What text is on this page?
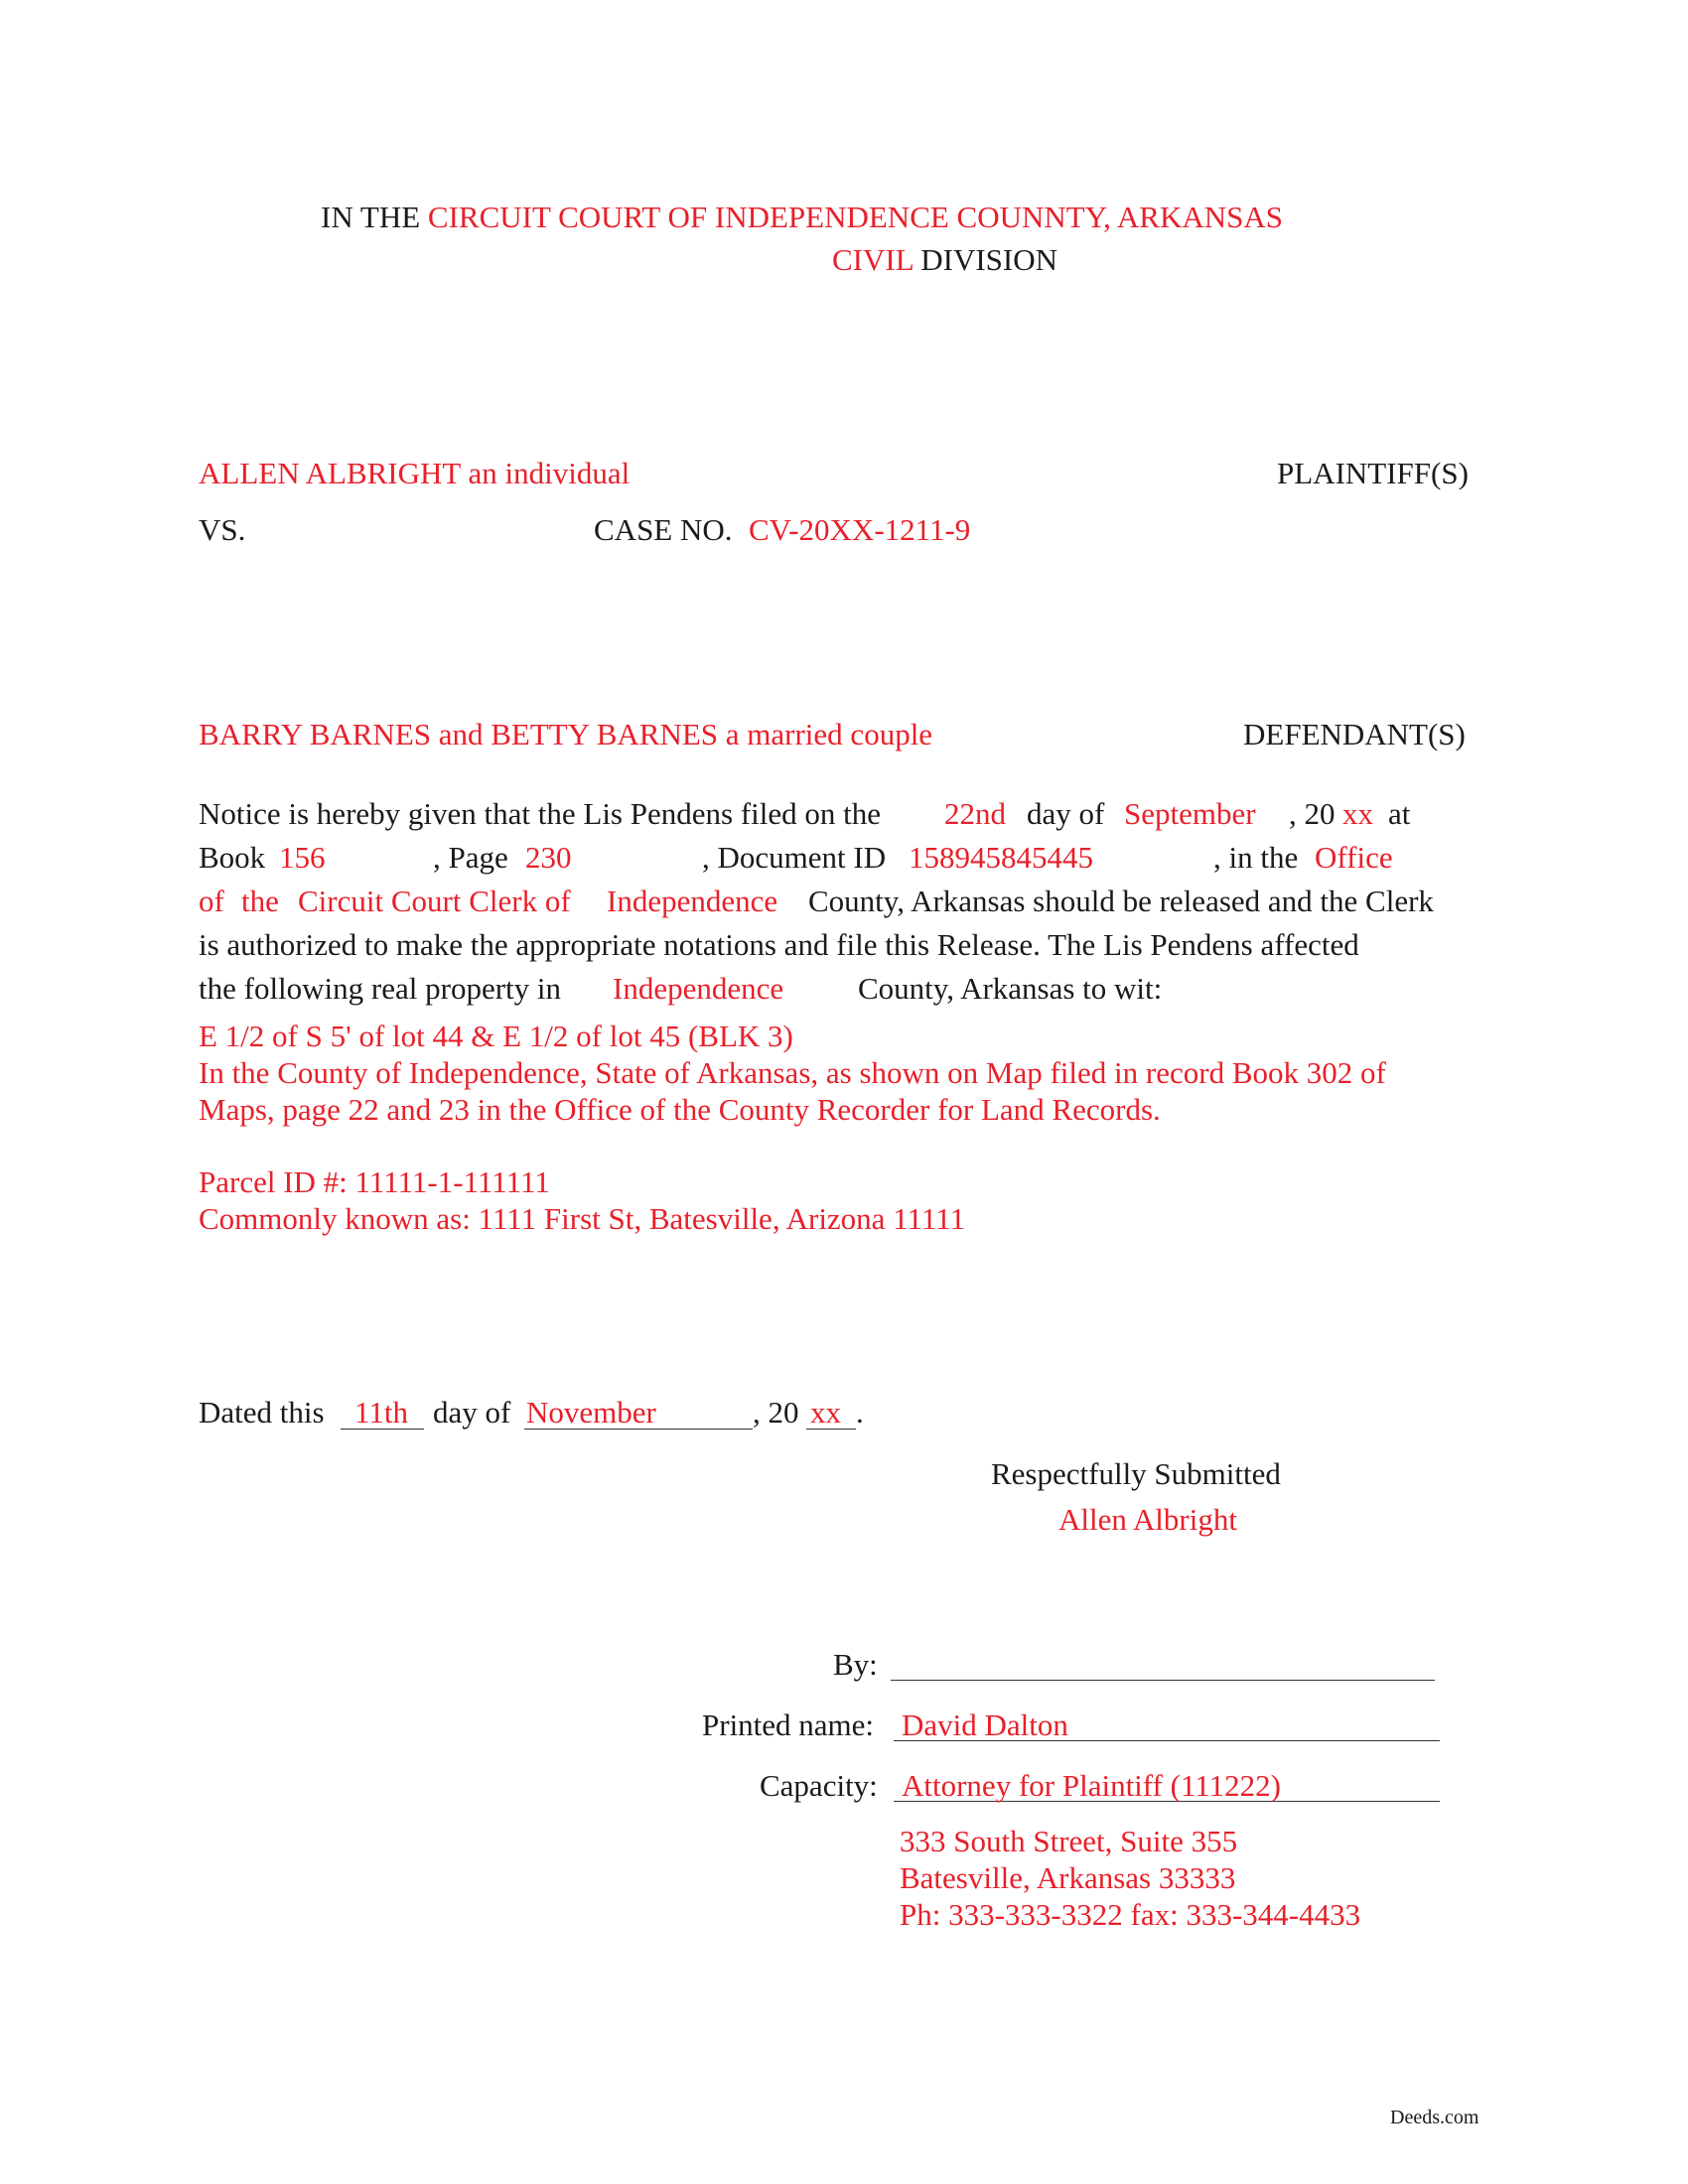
IN THE CIRCUIT COURT OF INDEPENDENCE COUNNTY, ARKANSAS
CIVIL DIVISION
ALLEN ALBRIGHT an individual	PLAINTIFF(S)
VS.	CASE NO. CV-20XX-1211-9
BARRY BARNES and BETTY BARNES a married couple	DEFENDANT(S)
Notice is hereby given that the Lis Pendens filed on the 22nd day of September , 20 xx at
Book 156	, Page 230	, Document ID 158945845445	, in the Office
of the Circuit Court Clerk of Independence County, Arkansas should be released and the Clerk
is authorized to make the appropriate notations and file this Release. The Lis Pendens affected
the following real property in Independence County, Arkansas to wit:
E 1/2 of S 5' of lot 44 & E 1/2 of lot 45 (BLK 3)
In the County of Independence, State of Arkansas, as shown on Map filed in record Book 302 of
Maps, page 22 and 23 in the Office of the County Recorder for Land Records.
Parcel ID #: 11111-1-111111
Commonly known as: 1111 First St, Batesville, Arizona 11111
Dated this 11th day of November	, 20 xx .
Respectfully Submitted
Allen Albright
By:
Printed name: David Dalton
Capacity: Attorney for Plaintiff (111222)
333 South Street, Suite 355
Batesville, Arkansas 33333
Ph: 333-333-3322 fax: 333-344-4433
Deeds.com
